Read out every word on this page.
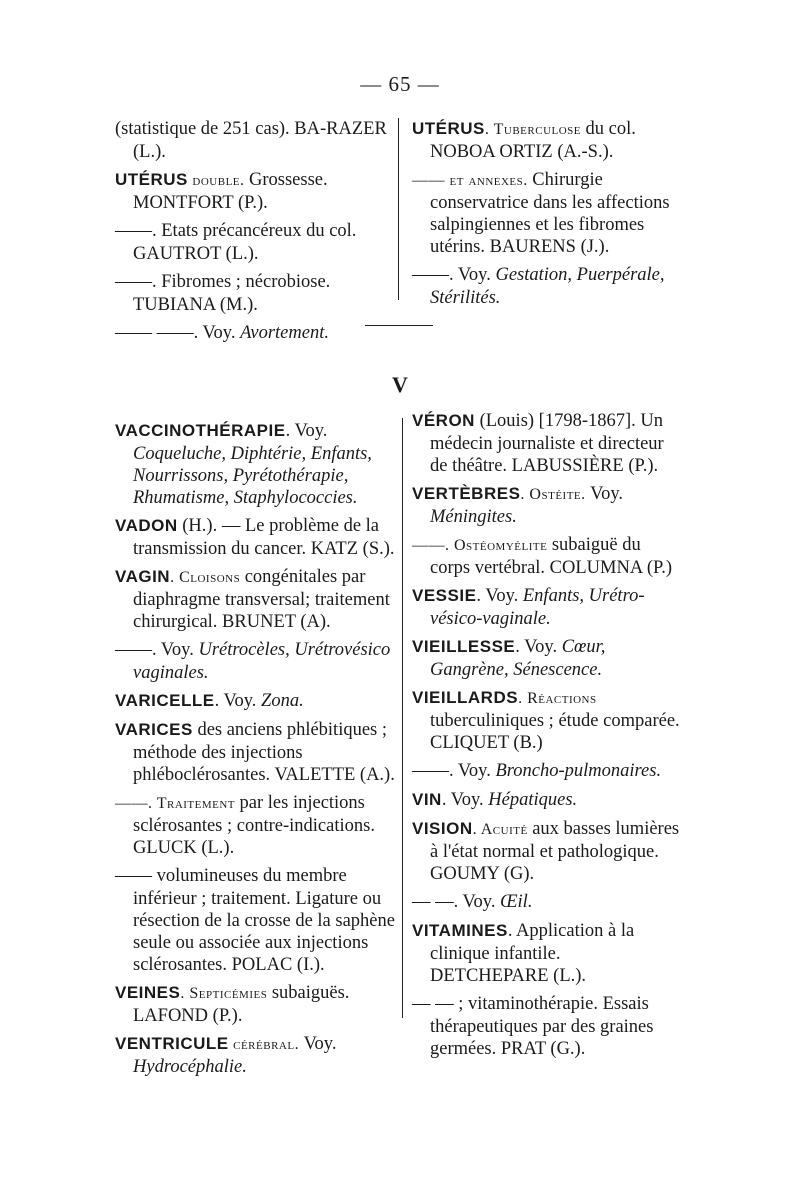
— 65 —
(statistique de 251 cas). BA-RAZER (L.).
UTÉRUS double. Grossesse. MONTFORT (P.).
——. Etats précancéreux du col. GAUTROT (L.).
——. Fibromes ; nécrobiose. TUBIANA (M.).
—— ——. Voy. Avortement.
UTÉRUS. Tuberculose du col. NOBOA ORTIZ (A.-S.).
—— et annexes. Chirurgie conservatrice dans les affections salpingiennes et les fibromes utérins. BAURENS (J.).
——. Voy. Gestation, Puerpérale, Stérilités.
V
VACCINOTHÉRAPIE. Voy. Coqueluche, Diphtérie, Enfants, Nourrissons, Pyrétothérapie, Rhumatisme, Staphylococcies.
VADON (H.). — Le problème de la transmission du cancer. KATZ (S.).
VAGIN. Cloisons congénitales par diaphragme transversal; traitement chirurgical. BRUNET (A).
——. Voy. Urétrocèles, Urétrovésico vaginales.
VARICELLE. Voy. Zona.
VARICES des anciens phlébitiques ; méthode des injections phléboclérosantes. VALETTE (A.).
——. Traitement par les injections sclérosantes ; contre-indications. GLUCK (L.).
—— volumineuses du membre inférieur ; traitement. Ligature ou résection de la crosse de la saphène seule ou associée aux injections sclérosantes. POLAC (I.).
VEINES. Septicémies subaiguës. LAFOND (P.).
VENTRICULE cérébral. Voy. Hydrocéphalie.
VÉRON (Louis) [1798-1867]. Un médecin journaliste et directeur de théâtre. LABUSSIÈRE (P.).
VERTÈBRES. Ostéite. Voy. Méningites.
——. Ostéomyélite subaiguë du corps vertébral. COLUMNA (P.)
VESSIE. Voy. Enfants, Urétro-vésico-vaginale.
VIEILLESSE. Voy. Cœur, Gangrène, Sénescence.
VIEILLARDS. Réactions tuberculiniques ; étude comparée. CLIQUET (B.)
——. Voy. Broncho-pulmonaires.
VIN. Voy. Hépatiques.
VISION. Acuité aux basses lumières à l'état normal et pathologique. GOUMY (G).
— —. Voy. Œil.
VITAMINES. Application à la clinique infantile. DETCHEPARE (L.).
— — ; vitaminothérapie. Essais thérapeutiques par des graines germées. PRAT (G.).
